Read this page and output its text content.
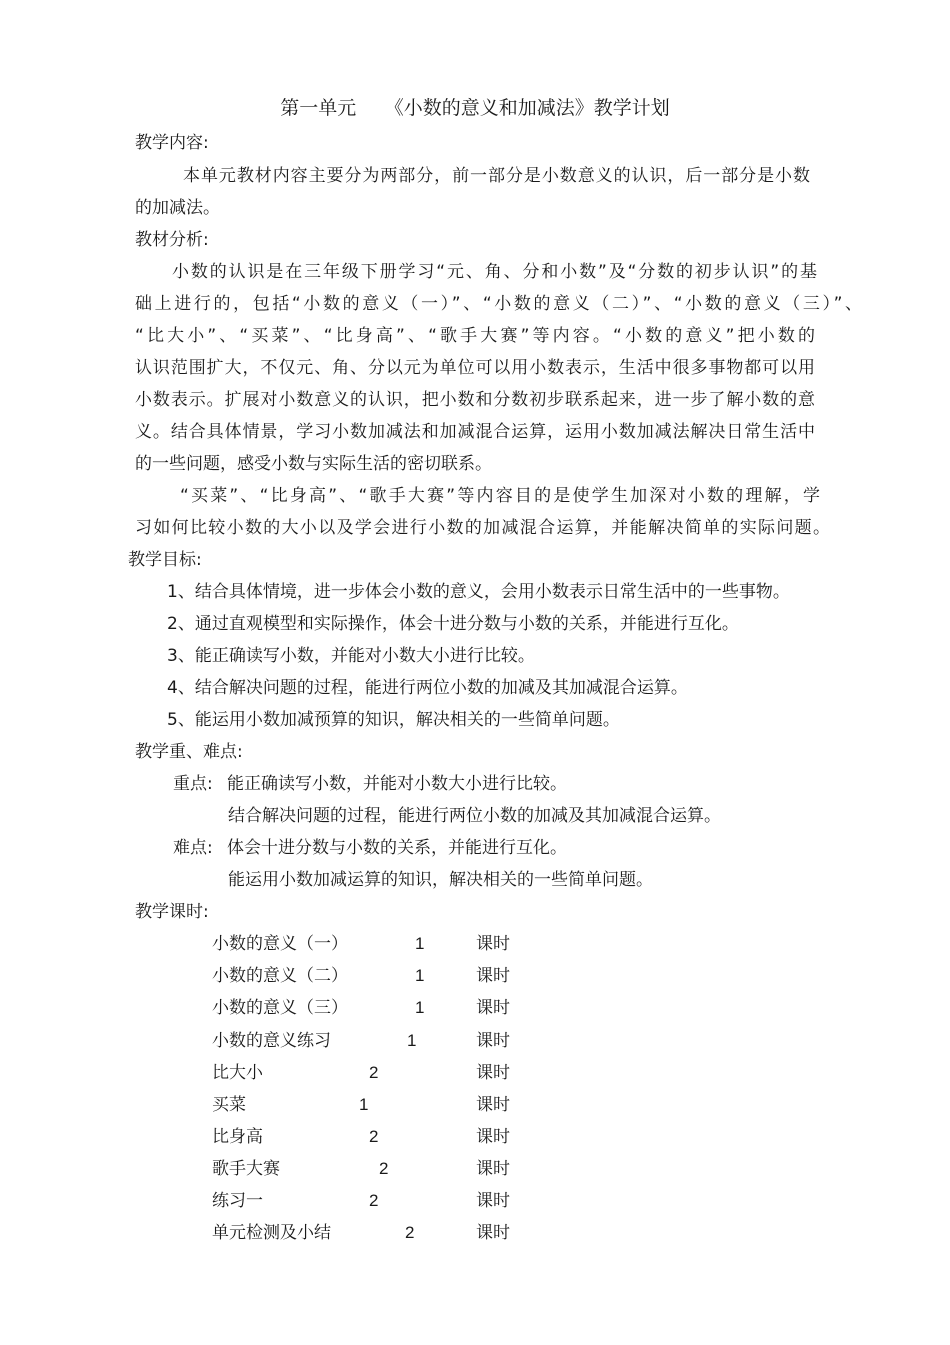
第一单元　　《小数的意义和加减法》教学计划
教学内容:
本单元教材内容主要分为两部分，前一部分是小数意义的认识，后一部分是小数
的加减法。
教材分析:
小数的认识是在三年级下册学习“元、角、分和小数”及“分数的初步认识”的基
础上进行的，包括“小数的意义（一）”、“小数的意义（二）”、“小数的意义（三）”、
“比大小”、“买菜”、“比身高”、“歌手大赛”等内容。“小数的意义”把小数的
认识范围扩大，不仅元、角、分以元为单位可以用小数表示，生活中很多事物都可以用
小数表示。扩展对小数意义的认识，把小数和分数初步联系起来，进一步了解小数的意
义。结合具体情景，学习小数加减法和加减混合运算，运用小数加减法解决日常生活中
的一些问题，感受小数与实际生活的密切联系。
“买菜”、“比身高”、“歌手大赛”等内容目的是使学生加深对小数的理解，学
习如何比较小数的大小以及学会进行小数的加减混合运算，并能解决简单的实际问题。
教学目标:
1、结合具体情境，进一步体会小数的意义，会用小数表示日常生活中的一些事物。
2、通过直观模型和实际操作，体会十进分数与小数的关系，并能进行互化。
3、能正确读写小数，并能对小数大小进行比较。
4、结合解决问题的过程，能进行两位小数的加减及其加减混合运算。
5、能运用小数加减预算的知识，解决相关的一些简单问题。
教学重、难点:
重点: 能正确读写小数，并能对小数大小进行比较。
结合解决问题的过程，能进行两位小数的加减及其加减混合运算。
难点: 体会十进分数与小数的关系，并能进行互化。
能运用小数加减运算的知识，解决相关的一些简单问题。
教学课时:
小数的意义（一）	1	课时
小数的意义（二）	1	课时
小数的意义（三）	1	课时
小数的意义练习	1	课时
比大小	2	课时
买菜	1	课时
比身高	2	课时
歌手大赛	2	课时
练习一	2	课时
单元检测及小结	2	课时
